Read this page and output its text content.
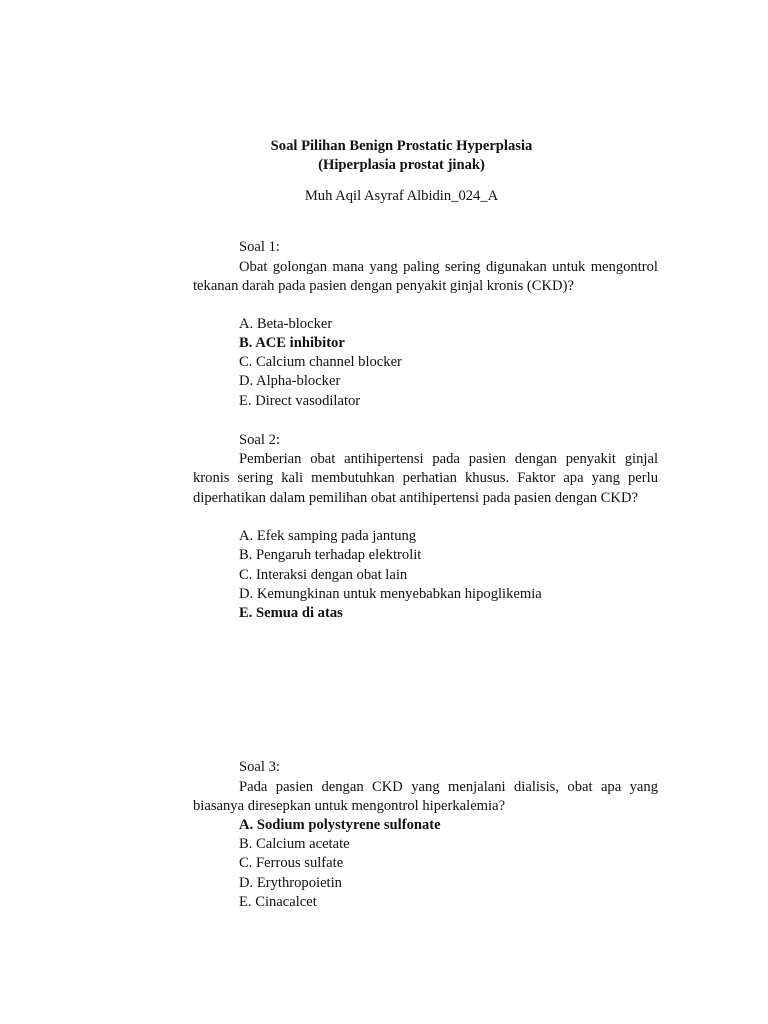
Soal Pilihan Benign Prostatic Hyperplasia
(Hiperplasia prostat jinak)
Muh Aqil Asyraf Albidin_024_A
Soal 1:
Obat golongan mana yang paling sering digunakan untuk mengontrol tekanan darah pada pasien dengan penyakit ginjal kronis (CKD)?
A. Beta-blocker
B. ACE inhibitor
C. Calcium channel blocker
D. Alpha-blocker
E. Direct vasodilator
Soal 2:
Pemberian obat antihipertensi pada pasien dengan penyakit ginjal kronis sering kali membutuhkan perhatian khusus. Faktor apa yang perlu diperhatikan dalam pemilihan obat antihipertensi pada pasien dengan CKD?
A. Efek samping pada jantung
B. Pengaruh terhadap elektrolit
C. Interaksi dengan obat lain
D. Kemungkinan untuk menyebabkan hipoglikemia
E. Semua di atas
Soal 3:
Pada pasien dengan CKD yang menjalani dialisis, obat apa yang biasanya diresepkan untuk mengontrol hiperkalemia?
A. Sodium polystyrene sulfonate
B. Calcium acetate
C. Ferrous sulfate
D. Erythropoietin
E. Cinacalcet
